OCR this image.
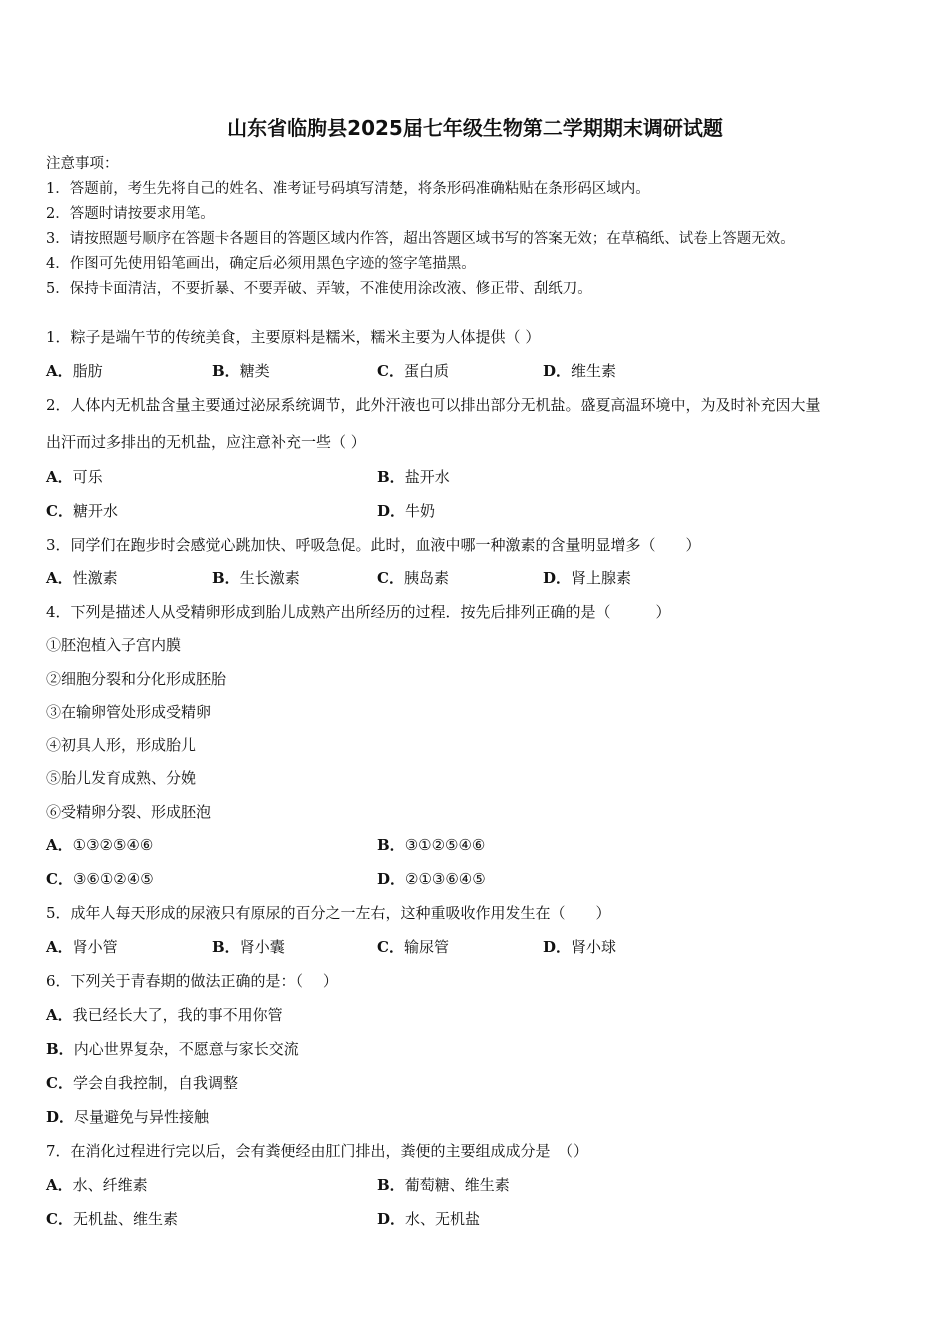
山东省临朐县2025届七年级生物第二学期期末调研试题
注意事项：
1．答题前，考生先将自己的姓名、准考证号码填写清楚，将条形码准确粘贴在条形码区域内。
2．答题时请按要求用笔。
3．请按照题号顺序在答题卡各题目的答题区域内作答，超出答题区域书写的答案无效；在草稿纸、试卷上答题无效。
4．作图可先使用铅笔画出，确定后必须用黑色字迹的签字笔描黑。
5．保持卡面清洁，不要折暴、不要弄破、弄皱，不准使用涂改液、修正带、刮纸刀。
1．粽子是端午节的传统美食，主要原料是糯米，糯米主要为人体提供（ ）
A．脂肪	B．糖类	C．蛋白质	D．维生素
2．人体内无机盐含量主要通过泌尿系统调节，此外汗液也可以排出部分无机盐。盛夏高温环境中，为及时补充因大量
出汗而过多排出的无机盐，应注意补充一些（ ）
A．可乐	B．盐开水
C．糖开水	D．牛奶
3．同学们在跑步时会感觉心跳加快、呼吸急促。此时，血液中哪一种激素的含量明显增多（　　）
A．性激素	B．生长激素	C．胰岛素	D．肾上腺素
4．下列是描述人从受精卵形成到胎儿成熟产出所经历的过程．按先后排列正确的是（　　　）
①胚泡植入子宫内膜
②细胞分裂和分化形成胚胎
③在输卵管处形成受精卵
④初具人形，形成胎儿
⑤胎儿发育成熟、分娩
⑥受精卵分裂、形成胚泡
A．①③②⑤④⑥	B．③①②⑤④⑥
C．③⑥①②④⑤	D．②①③⑥④⑤
5．成年人每天形成的尿液只有原尿的百分之一左右，这种重吸收作用发生在（　　）
A．肾小管	B．肾小囊	C．输尿管	D．肾小球
6．下列关于青春期的做法正确的是：（　 ）
A．我已经长大了，我的事不用你管
B．内心世界复杂，不愿意与家长交流
C．学会自我控制，自我调整
D．尽量避免与异性接触
7．在消化过程进行完以后，会有粪便经由肛门排出，粪便的主要组成成分是　（）
A．水、纤维素	B．葡萄糖、维生素
C．无机盐、维生素	D．水、无机盐
